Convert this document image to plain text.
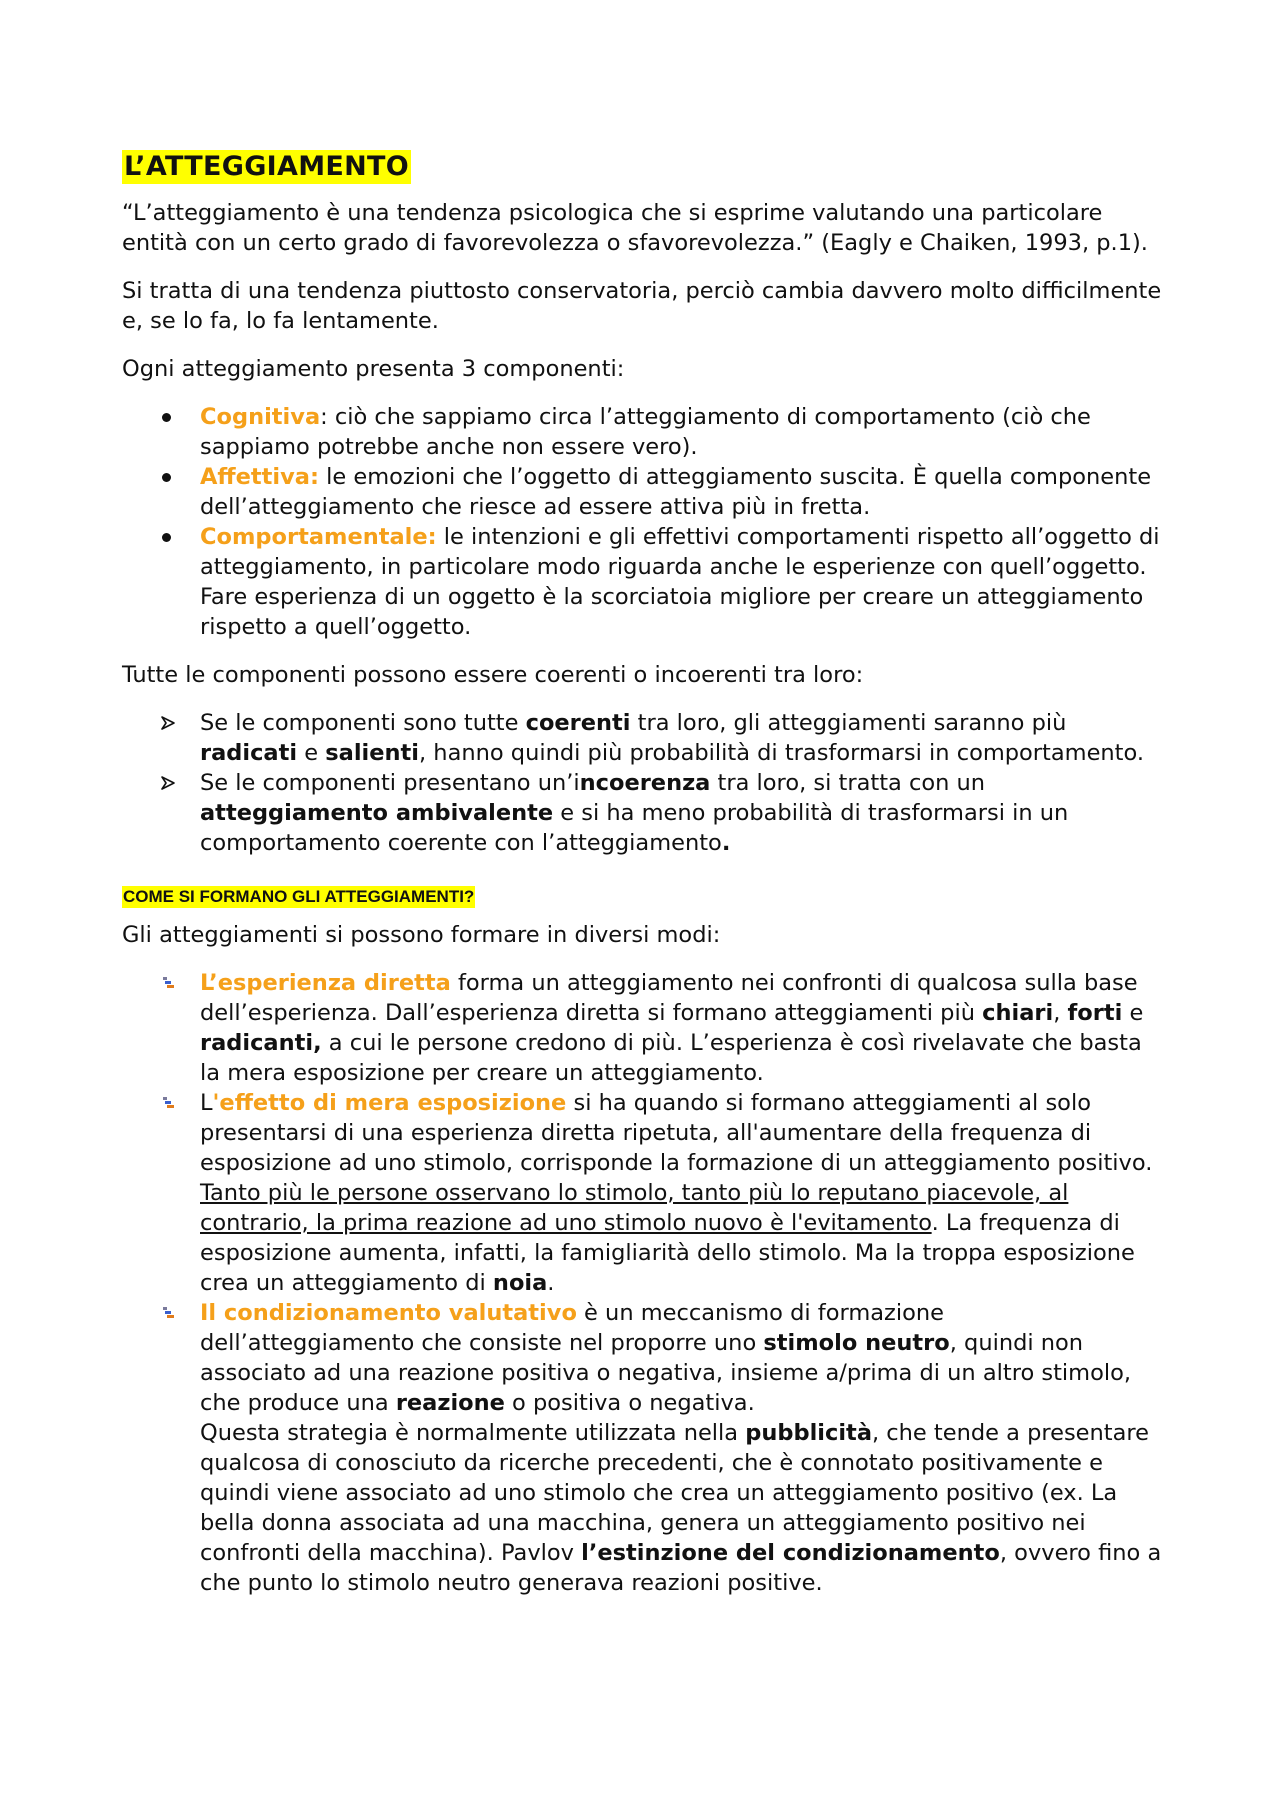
L’ATTEGGIAMENTO

“L’atteggiamento è una tendenza psicologica che si esprime valutando una particolare entità con un certo grado di favorevolezza o sfavorevolezza.” (Eagly e Chaiken, 1993, p.1).

Si tratta di una tendenza piuttosto conservatoria, perciò cambia davvero molto difficilmente e, se lo fa, lo fa lentamente.

Ogni atteggiamento presenta 3 componenti:

Cognitiva: ciò che sappiamo circa l’atteggiamento di comportamento (ciò che sappiamo potrebbe anche non essere vero).
Affettiva: le emozioni che l’oggetto di atteggiamento suscita. È quella componente dell’atteggiamento che riesce ad essere attiva più in fretta.
Comportamentale: le intenzioni e gli effettivi comportamenti rispetto all’oggetto di atteggiamento, in particolare modo riguarda anche le esperienze con quell’oggetto. Fare esperienza di un oggetto è la scorciatoia migliore per creare un atteggiamento rispetto a quell’oggetto.

Tutte le componenti possono essere coerenti o incoerenti tra loro:

Se le componenti sono tutte coerenti tra loro, gli atteggiamenti saranno più radicati e salienti, hanno quindi più probabilità di trasformarsi in comportamento.
Se le componenti presentano un’incoerenza tra loro, si tratta con un atteggiamento ambivalente e si ha meno probabilità di trasformarsi in un comportamento coerente con l’atteggiamento.
COME SI FORMANO GLI ATTEGGIAMENTI?

Gli atteggiamenti si possono formare in diversi modi:

L’esperienza diretta forma un atteggiamento nei confronti di qualcosa sulla base dell’esperienza. Dall’esperienza diretta si formano atteggiamenti più chiari, forti e radicanti, a cui le persone credono di più. L’esperienza è così rivelavate che basta la mera esposizione per creare un atteggiamento.
L'effetto di mera esposizione si ha quando si formano atteggiamenti al solo presentarsi di una esperienza diretta ripetuta, all'aumentare della frequenza di esposizione ad uno stimolo, corrisponde la formazione di un atteggiamento positivo. Tanto più le persone osservano lo stimolo, tanto più lo reputano piacevole, al contrario, la prima reazione ad uno stimolo nuovo è l'evitamento. La frequenza di esposizione aumenta, infatti, la famigliarità dello stimolo. Ma la troppa esposizione crea un atteggiamento di noia.
Il condizionamento valutativo è un meccanismo di formazione dell’atteggiamento che consiste nel proporre uno stimolo neutro, quindi non associato ad una reazione positiva o negativa, insieme a/prima di un altro stimolo, che produce una reazione o positiva o negativa.
Questa strategia è normalmente utilizzata nella pubblicità, che tende a presentare qualcosa di conosciuto da ricerche precedenti, che è connotato positivamente e quindi viene associato ad uno stimolo che crea un atteggiamento positivo (ex. La bella donna associata ad una macchina, genera un atteggiamento positivo nei confronti della macchina). Pavlov l’estinzione del condizionamento, ovvero fino a che punto lo stimolo neutro generava reazioni positive.
